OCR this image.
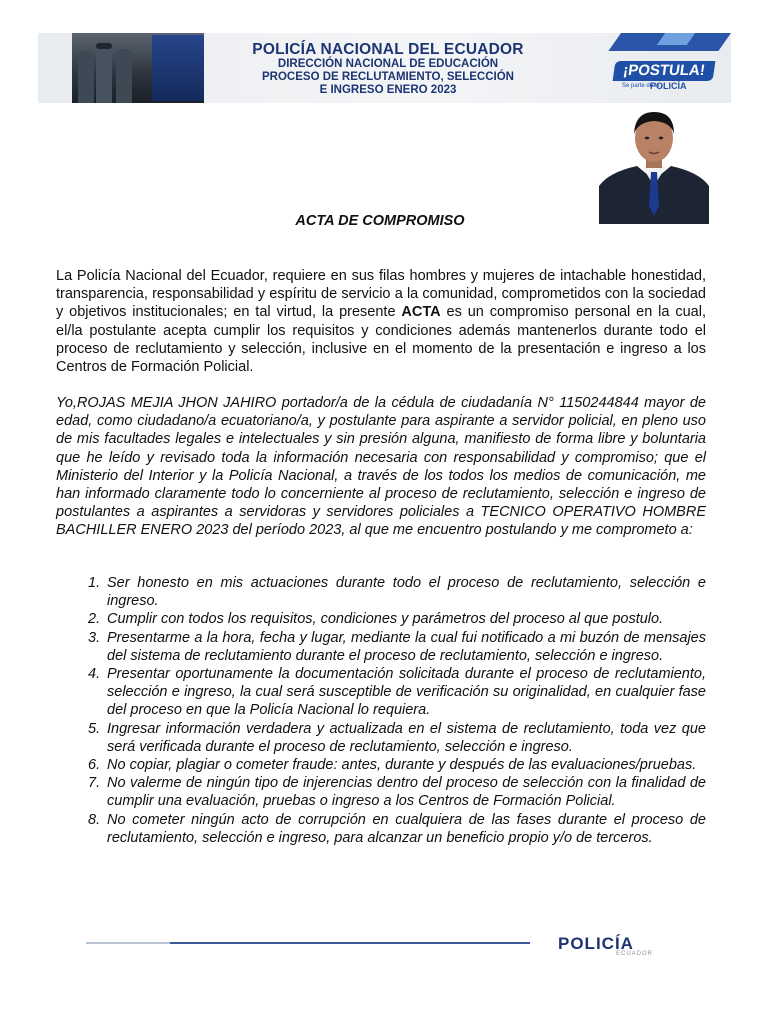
POLICÍA NACIONAL DEL ECUADOR
DIRECCIÓN NACIONAL DE EDUCACIÓN
PROCESO DE RECLUTAMIENTO, SELECCIÓN
E INGRESO ENERO 2023
¡POSTULA!
Se parte de la
POLICÍA
ACTA DE COMPROMISO

La Policía Nacional del Ecuador, requiere en sus filas hombres y mujeres de intachable honestidad, transparencia, responsabilidad y espíritu de servicio a la comunidad, comprometidos con la sociedad y objetivos institucionales; en tal virtud, la presente ACTA es un compromiso personal en la cual, el/la postulante acepta cumplir los requisitos y condiciones además mantenerlos durante todo el proceso de reclutamiento y selección, inclusive en el momento de la presentación e ingreso a los Centros de Formación Policial.

Yo,ROJAS MEJIA JHON JAHIRO portador/a de la cédula de ciudadanía N° 1150244844 mayor de edad, como ciudadano/a ecuatoriano/a, y postulante para aspirante a servidor policial, en pleno uso de mis facultades legales e intelectuales y sin presión alguna, manifiesto de forma libre y boluntaria que he leído y revisado toda la información necesaria con responsabilidad y compromiso; que el Ministerio del Interior y la Policía Nacional, a través de los todos los medios de comunicación, me han informado claramente todo lo concerniente al proceso de reclutamiento, selección e ingreso de postulantes a aspirantes a servidoras y servidores policiales a TECNICO OPERATIVO HOMBRE BACHILLER ENERO 2023 del período 2023, al que me encuentro postulando y me comprometo a:

1. Ser honesto en mis actuaciones durante todo el proceso de reclutamiento, selección e ingreso.
2. Cumplir con todos los requisitos, condiciones y parámetros del proceso al que postulo.
3. Presentarme a la hora, fecha y lugar, mediante la cual fui notificado a mi buzón de mensajes del sistema de reclutamiento durante el proceso de reclutamiento, selección e ingreso.
4. Presentar oportunamente la documentación solicitada durante el proceso de reclutamiento, selección e ingreso, la cual será susceptible de verificación su originalidad, en cualquier fase del proceso en que la Policía Nacional lo requiera.
5. Ingresar información verdadera y actualizada en el sistema de reclutamiento, toda vez que será verificada durante el proceso de reclutamiento, selección e ingreso.
6. No copiar, plagiar o cometer fraude: antes, durante y después de las evaluaciones/pruebas.
7. No valerme de ningún tipo de injerencias dentro del proceso de selección con la finalidad de cumplir una evaluación, pruebas o ingreso a los Centros de Formación Policial.
8. No cometer ningún acto de corrupción en cualquiera de las fases durante el proceso de reclutamiento, selección e ingreso, para alcanzar un beneficio propio y/o de terceros.
POLICÍA
ECUADOR
